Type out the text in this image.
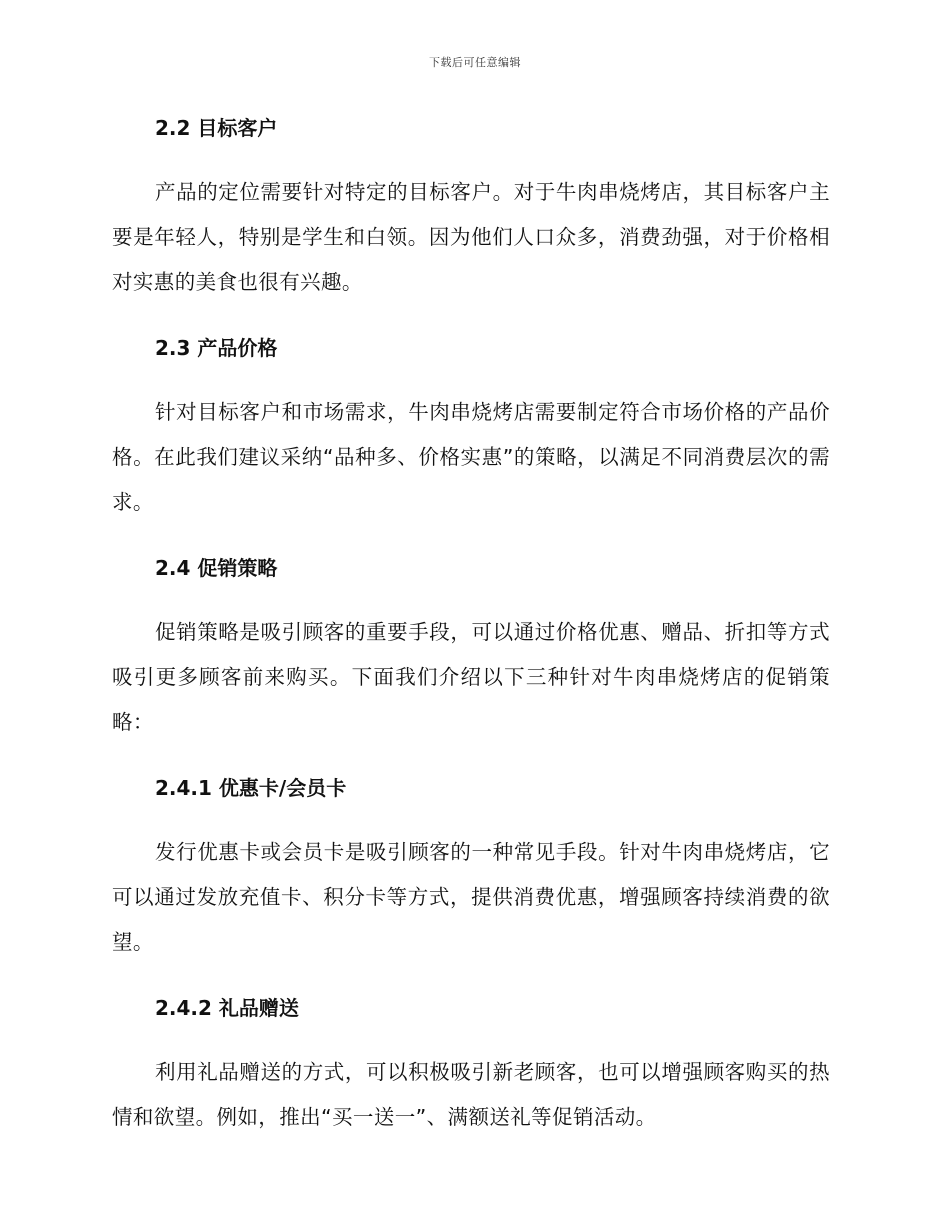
下载后可任意编辑
2.2 目标客户

产品的定位需要针对特定的目标客户。对于牛肉串烧烤店，其目标客户主要是年轻人，特别是学生和白领。因为他们人口众多，消费劲强，对于价格相对实惠的美食也很有兴趣。

2.3 产品价格

针对目标客户和市场需求，牛肉串烧烤店需要制定符合市场价格的产品价格。在此我们建议采纳“品种多、价格实惠”的策略，以满足不同消费层次的需求。

2.4 促销策略

促销策略是吸引顾客的重要手段，可以通过价格优惠、赠品、折扣等方式吸引更多顾客前来购买。下面我们介绍以下三种针对牛肉串烧烤店的促销策略：

2.4.1 优惠卡/会员卡

发行优惠卡或会员卡是吸引顾客的一种常见手段。针对牛肉串烧烤店，它可以通过发放充值卡、积分卡等方式，提供消费优惠，增强顾客持续消费的欲望。

2.4.2 礼品赠送

利用礼品赠送的方式，可以积极吸引新老顾客，也可以增强顾客购买的热情和欲望。例如，推出“买一送一”、满额送礼等促销活动。
